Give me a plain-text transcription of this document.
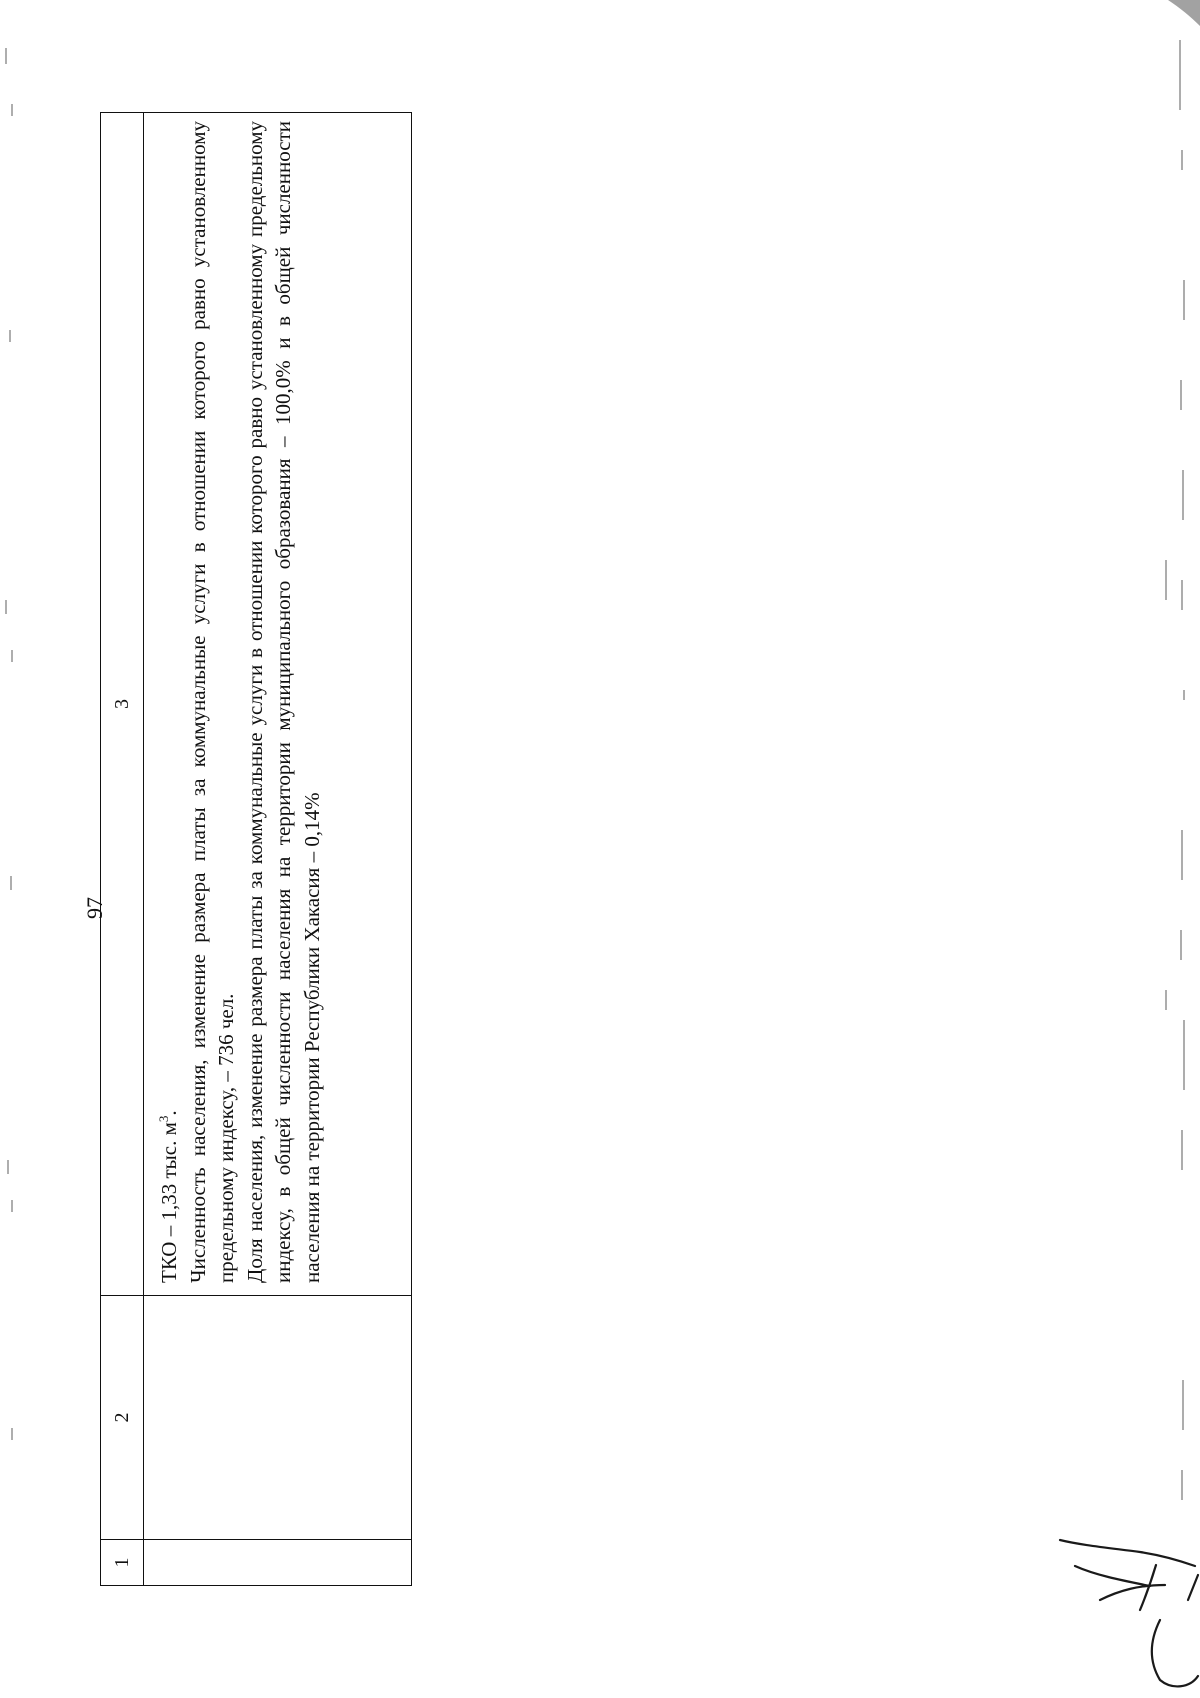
97
1	2	3

		ТКО – 1,33 тыс. $м^3$. Численность населения, изменение размера платы за коммунальные услуги в отношении которого равно установленному предельному индексу, – 736 чел. Доля населения, изменение размера платы за коммунальные услуги в отношении которого равно установленному предельному индексу, в общей численности населения на территории муниципального образования – 100,0% и в общей численности населения на территории Республики Хакасия – 0,14%
